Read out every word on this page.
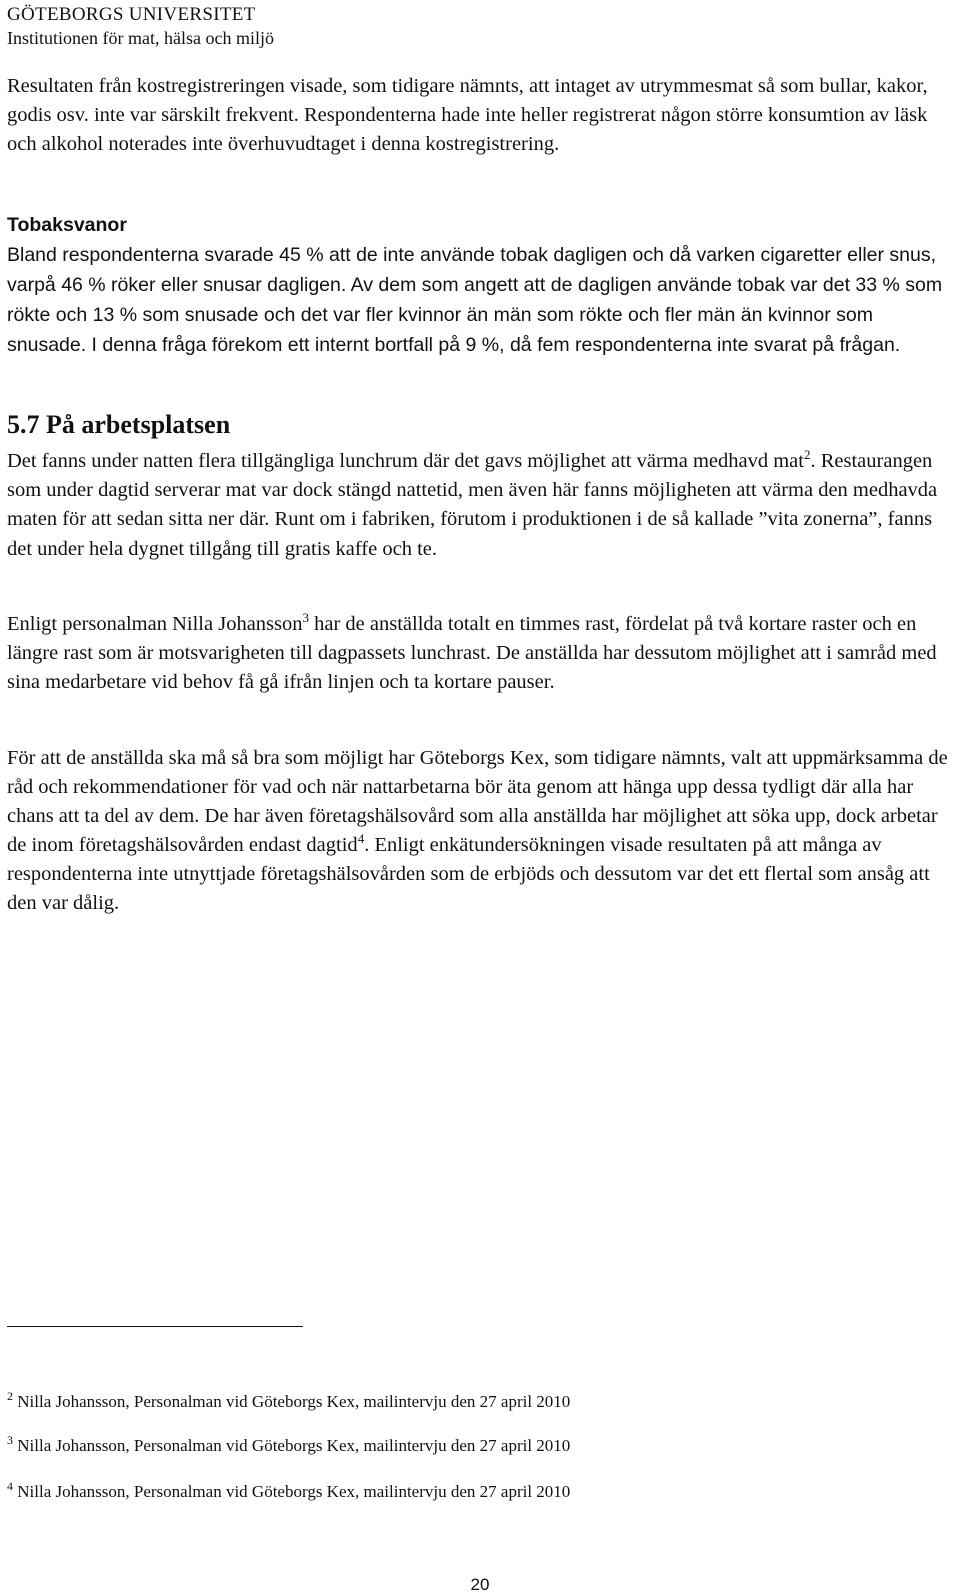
GÖTEBORGS UNIVERSITET
Institutionen för mat, hälsa och miljö

Resultaten från kostregistreringen visade, som tidigare nämnts, att intaget av utrymmesmat så som bullar, kakor, godis osv. inte var särskilt frekvent. Respondenterna hade inte heller registrerat någon större konsumtion av läsk och alkohol noterades inte överhuvudtaget i denna kostregistrering.

Tobaksvanor

Bland respondenterna svarade 45 % att de inte använde tobak dagligen och då varken cigaretter eller snus, varpå 46 % röker eller snusar dagligen. Av dem som angett att de dagligen använde tobak var det 33 % som rökte och 13 % som snusade och det var fler kvinnor än män som rökte och fler män än kvinnor som snusade. I denna fråga förekom ett internt bortfall på 9 %, då fem respondenterna inte svarat på frågan.

5.7 På arbetsplatsen

Det fanns under natten flera tillgängliga lunchrum där det gavs möjlighet att värma medhavd mat$^2$. Restaurangen som under dagtid serverar mat var dock stängd nattetid, men även här fanns möjligheten att värma den medhavda maten för att sedan sitta ner där. Runt om i fabriken, förutom i produktionen i de så kallade ”vita zonerna”, fanns det under hela dygnet tillgång till gratis kaffe och te.

Enligt personalman Nilla Johansson$^3$ har de anställda totalt en timmes rast, fördelat på två kortare raster och en längre rast som är motsvarigheten till dagpassets lunchrast. De anställda har dessutom möjlighet att i samråd med sina medarbetare vid behov få gå ifrån linjen och ta kortare pauser.

För att de anställda ska må så bra som möjligt har Göteborgs Kex, som tidigare nämnts, valt att uppmärksamma de råd och rekommendationer för vad och när nattarbetarna bör äta genom att hänga upp dessa tydligt där alla har chans att ta del av dem. De har även företagshälsovård som alla anställda har möjlighet att söka upp, dock arbetar de inom företagshälsovården endast dagtid$^4$. Enligt enkätundersökningen visade resultaten på att många av respondenterna inte utnyttjade företagshälsovården som de erbjöds och dessutom var det ett flertal som ansåg att den var dålig.

$^2$ Nilla Johansson, Personalman vid Göteborgs Kex, mailintervju den 27 april 2010
$^3$ Nilla Johansson, Personalman vid Göteborgs Kex, mailintervju den 27 april 2010
$^4$ Nilla Johansson, Personalman vid Göteborgs Kex, mailintervju den 27 april 2010
20
